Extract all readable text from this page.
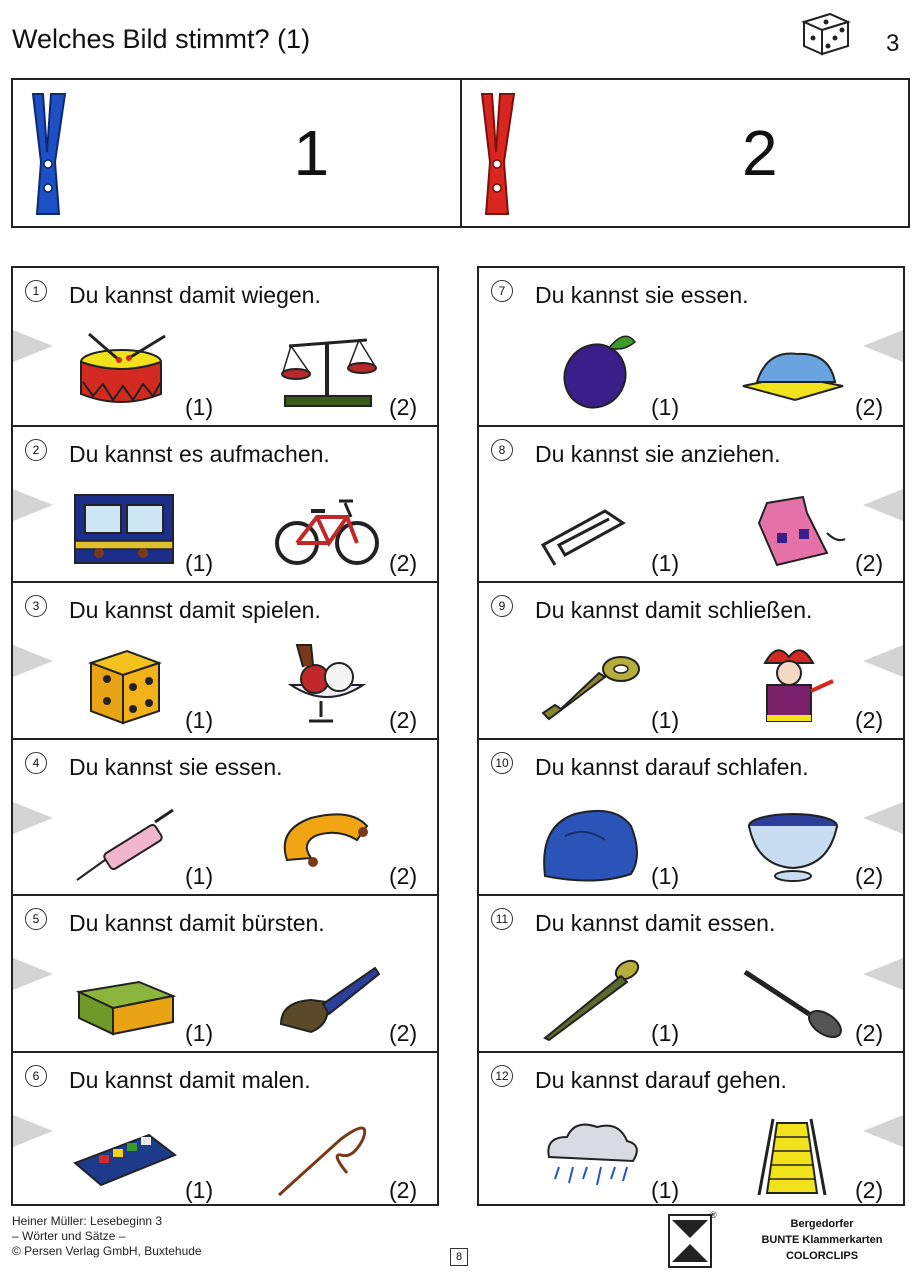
Welches Bild stimmt? (1)	3
1	2
1	Du kannst damit wiegen.
(1)	(2)
2	Du kannst es aufmachen.
(1)	(2)
3	Du kannst damit spielen.
(1)	(2)
4	Du kannst sie essen.
(1)	(2)
5	Du kannst damit bürsten.
(1)	(2)
6	Du kannst damit malen.
(1)	(2)
7	Du kannst sie essen.
(1)	(2)
8	Du kannst sie anziehen.
(1)	(2)
9	Du kannst damit schließen.
(1)	(2)
10 Du kannst darauf schlafen.
(1)	(2)
11 Du kannst damit essen.
(1)	(2)
12 Du kannst darauf gehen.
(1)	(2)
Heiner Müller: Lesebeginn 3
– Wörter und Sätze –
© Persen Verlag GmbH, Buxtehude	8
Persen
®
Bergedorfer
BUNTE Klammerkarten
COLORCLIPS
